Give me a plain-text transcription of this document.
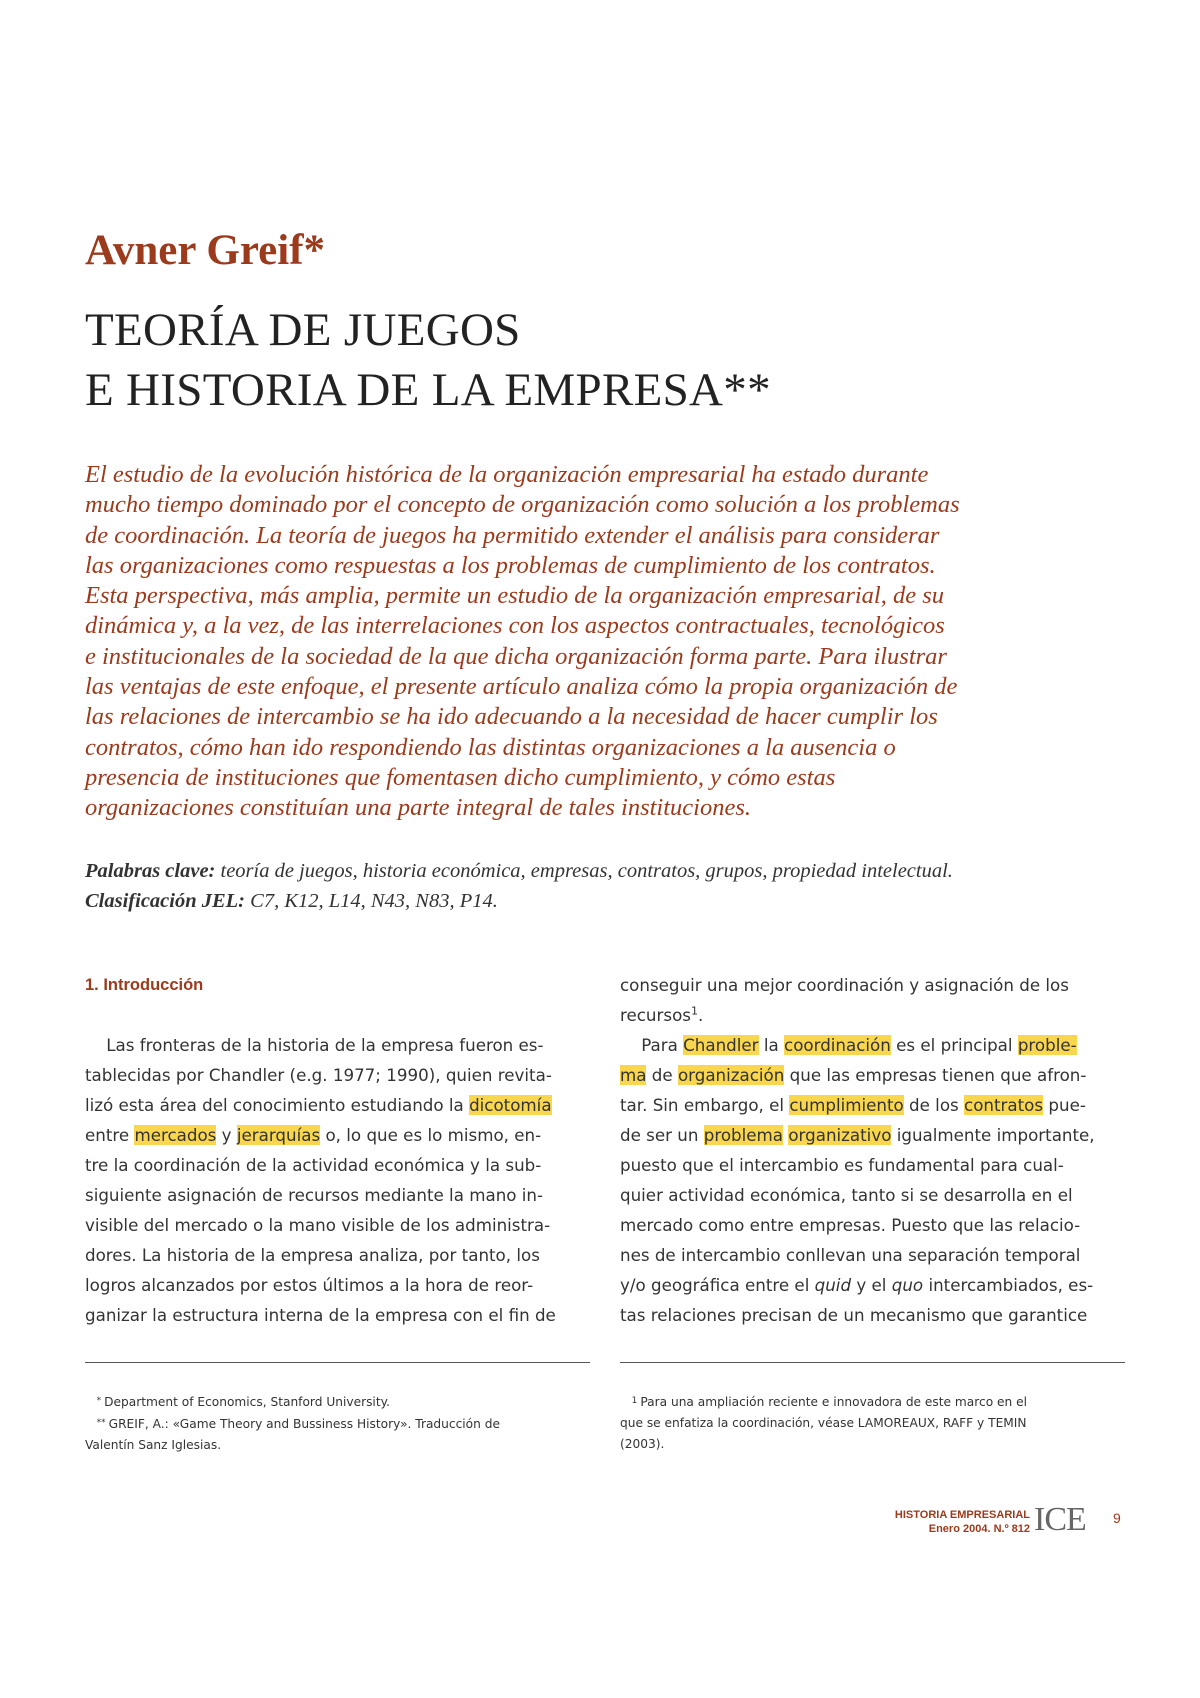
Avner Greif*
TEORÍA DE JUEGOS
E HISTORIA DE LA EMPRESA**

El estudio de la evolución histórica de la organización empresarial ha estado durante
mucho tiempo dominado por el concepto de organización como solución a los problemas
de coordinación. La teoría de juegos ha permitido extender el análisis para considerar
las organizaciones como respuestas a los problemas de cumplimiento de los contratos.
Esta perspectiva, más amplia, permite un estudio de la organización empresarial, de su
dinámica y, a la vez, de las interrelaciones con los aspectos contractuales, tecnológicos
e institucionales de la sociedad de la que dicha organización forma parte. Para ilustrar
las ventajas de este enfoque, el presente artículo analiza cómo la propia organización de
las relaciones de intercambio se ha ido adecuando a la necesidad de hacer cumplir los
contratos, cómo han ido respondiendo las distintas organizaciones a la ausencia o
presencia de instituciones que fomentasen dicho cumplimiento, y cómo estas
organizaciones constituían una parte integral de tales instituciones.

Palabras clave: teoría de juegos, historia económica, empresas, contratos, grupos, propiedad intelectual.
Clasificación JEL: C7, K12, L14, N43, N83, P14.
1. Introducción
Las fronteras de la historia de la empresa fueron es-
tablecidas por Chandler (e.g. 1977; 1990), quien revita-
lizó esta área del conocimiento estudiando la dicotomía
entre mercados y jerarquías o, lo que es lo mismo, en-
tre la coordinación de la actividad económica y la sub-
siguiente asignación de recursos mediante la mano in-
visible del mercado o la mano visible de los administra-
dores. La historia de la empresa analiza, por tanto, los
logros alcanzados por estos últimos a la hora de reor-
ganizar la estructura interna de la empresa con el fin de
conseguir una mejor coordinación y asignación de los
recursos$^1$.
Para Chandler la coordinación es el principal proble-
ma de organización que las empresas tienen que afron-
tar. Sin embargo, el cumplimiento de los contratos pue-
de ser un problema organizativo igualmente importante,
puesto que el intercambio es fundamental para cual-
quier actividad económica, tanto si se desarrolla en el
mercado como entre empresas. Puesto que las relacio-
nes de intercambio conllevan una separación temporal
y/o geográfica entre el quid y el quo intercambiados, es-
tas relaciones precisan de un mecanismo que garantice
* Department of Economics, Stanford University.
** GREIF, A.: «Game Theory and Bussiness History». Traducción de
Valentín Sanz Iglesias.
$^1$ Para una ampliación reciente e innovadora de este marco en el
que se enfatiza la coordinación, véase LAMOREAUX, RAFF y TEMIN
(2003).
HISTORIA EMPRESARIAL
Enero 2004. N.º 812 ICE 9
